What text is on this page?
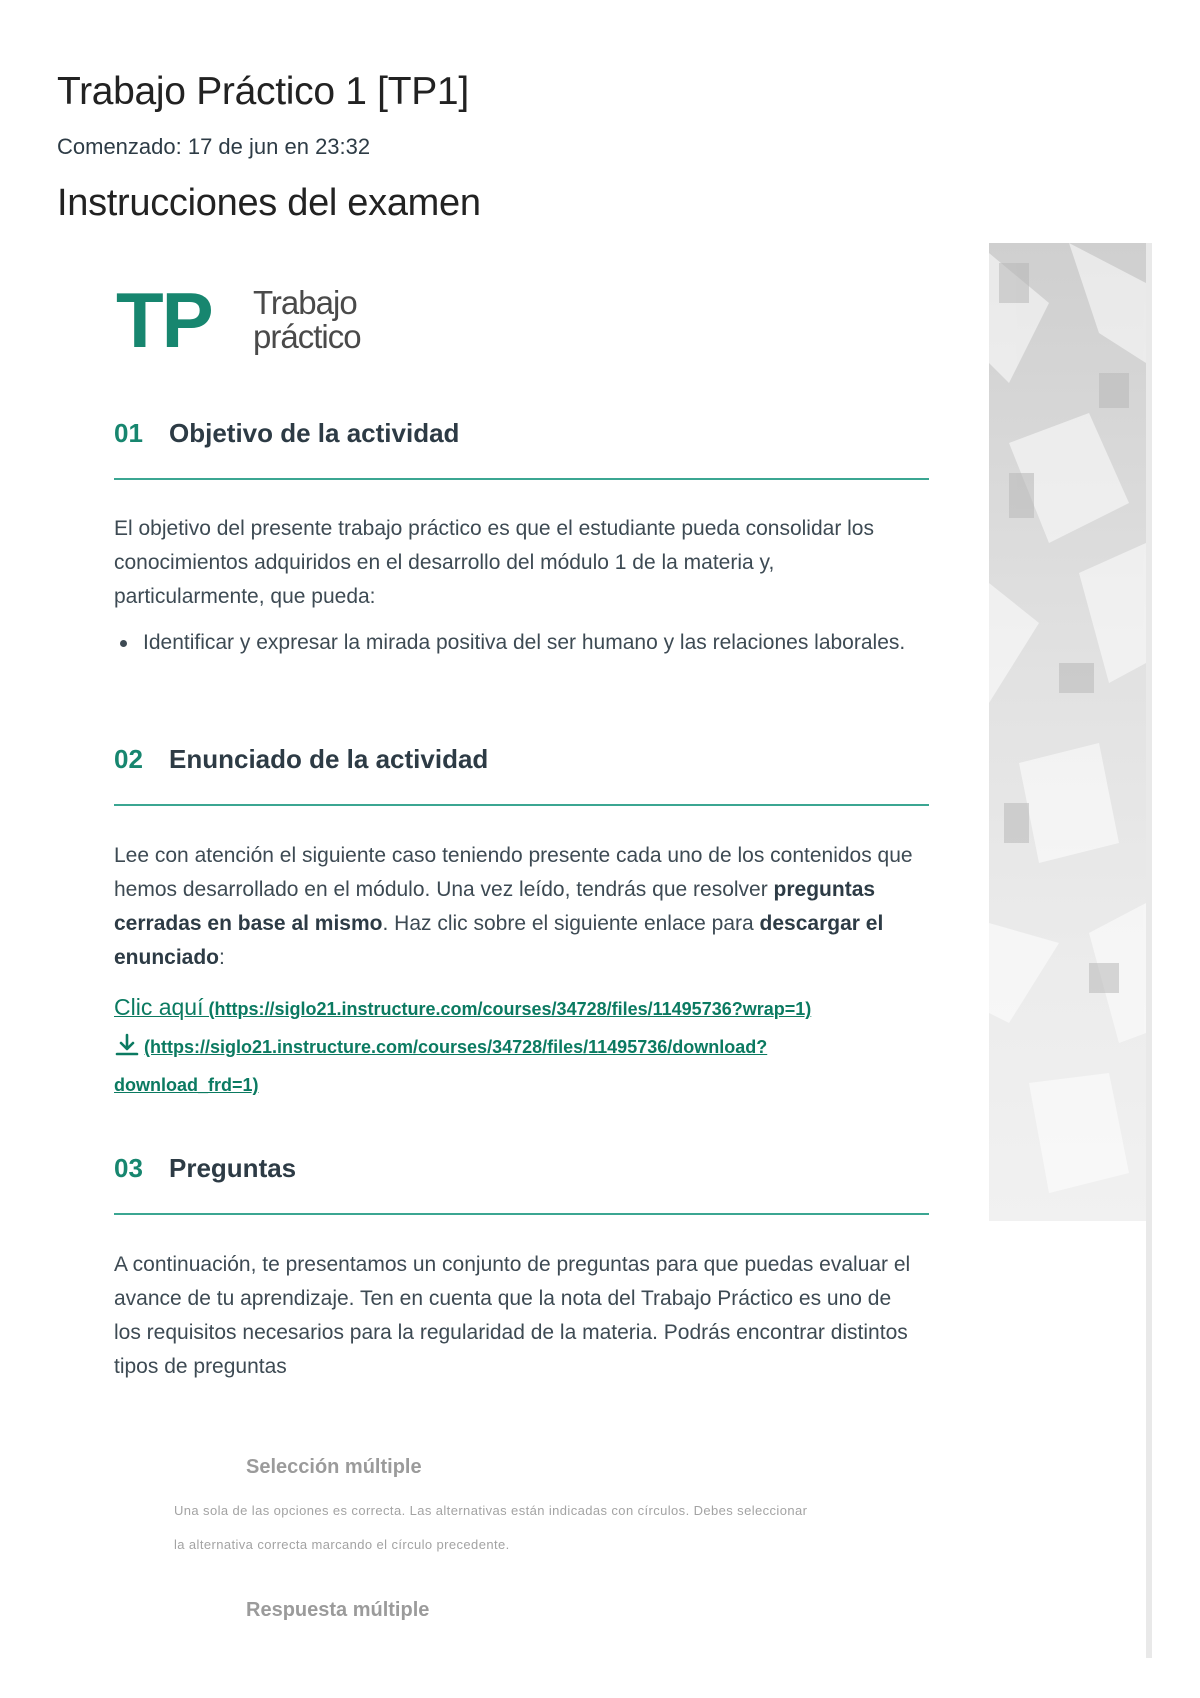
Trabajo Práctico 1 [TP1]
Comenzado: 17 de jun en 23:32
Instrucciones del examen
TP Trabajo
práctico
01 Objetivo de la actividad

El objetivo del presente trabajo práctico es que el estudiante pueda consolidar los conocimientos adquiridos en el desarrollo del módulo 1 de la materia y, particularmente, que pueda:

Identificar y expresar la mirada positiva del ser humano y las relaciones laborales.
02 Enunciado de la actividad

Lee con atención el siguiente caso teniendo presente cada uno de los contenidos que hemos desarrollado en el módulo. Una vez leído, tendrás que resolver preguntas cerradas en base al mismo. Haz clic sobre el siguiente enlace para descargar el enunciado:

Clic aquí (https://siglo21.instructure.com/courses/34728/files/11495736?wrap=1)
(https://siglo21.instructure.com/courses/34728/files/11495736/download?download_frd=1)
03 Preguntas

A continuación, te presentamos un conjunto de preguntas para que puedas evaluar el avance de tu aprendizaje. Ten en cuenta que la nota del Trabajo Práctico es uno de los requisitos necesarios para la regularidad de la materia. Podrás encontrar distintos tipos de preguntas

Selección múltiple

Una sola de las opciones es correcta. Las alternativas están indicadas con círculos. Debes seleccionar la alternativa correcta marcando el círculo precedente.

Respuesta múltiple
